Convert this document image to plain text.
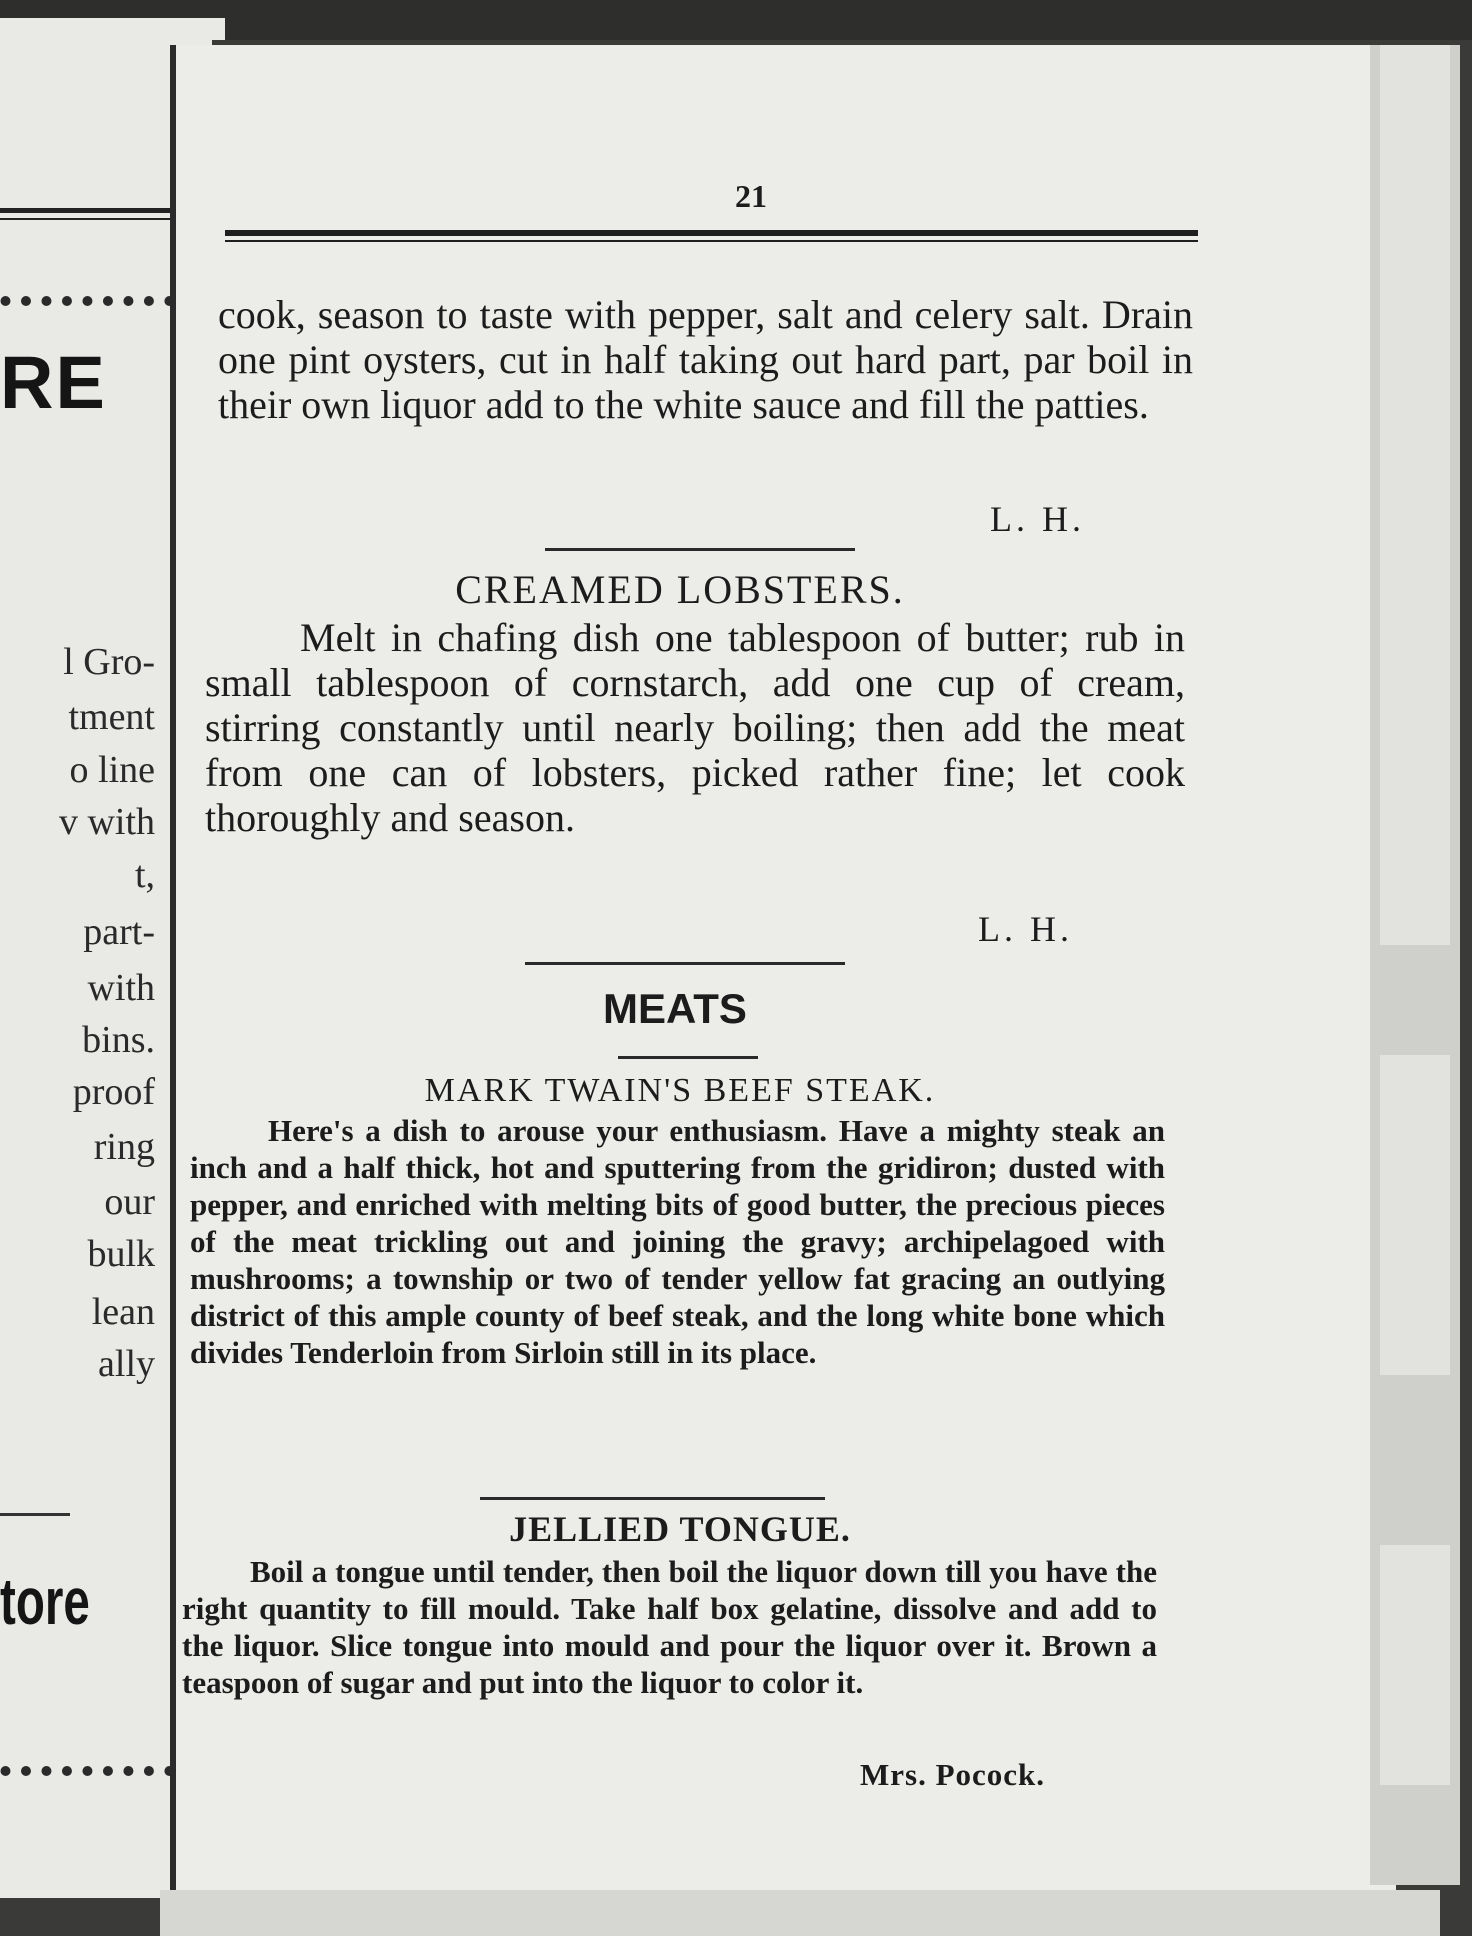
RE
l Gro-
tment
o line
v with
t,
part-
with
bins.
proof
ring
our
bulk
lean
ally
tore
21
cook, season to taste with pepper, salt and celery salt. Drain one pint oysters, cut in half taking out hard part, par boil in their own liquor add to the white sauce and fill the patties.
L. H.
CREAMED LOBSTERS.
Melt in chafing dish one tablespoon of butter; rub in small tablespoon of cornstarch, add one cup of cream, stirring constantly until nearly boiling; then add the meat from one can of lobsters, picked rather fine; let cook thoroughly and season.
L. H.
MEATS
MARK TWAIN'S BEEF STEAK.
Here's a dish to arouse your enthusiasm. Have a mighty steak an inch and a half thick, hot and sputtering from the gridiron; dusted with pepper, and enriched with melting bits of good butter, the precious pieces of the meat trickling out and joining the gravy; archipelagoed with mushrooms; a township or two of tender yellow fat gracing an outlying district of this ample county of beef steak, and the long white bone which divides Tenderloin from Sirloin still in its place.
JELLIED TONGUE.
Boil a tongue until tender, then boil the liquor down till you have the right quantity to fill mould. Take half box gelatine, dissolve and add to the liquor. Slice tongue into mould and pour the liquor over it. Brown a teaspoon of sugar and put into the liquor to color it.
Mrs. Pocock.
